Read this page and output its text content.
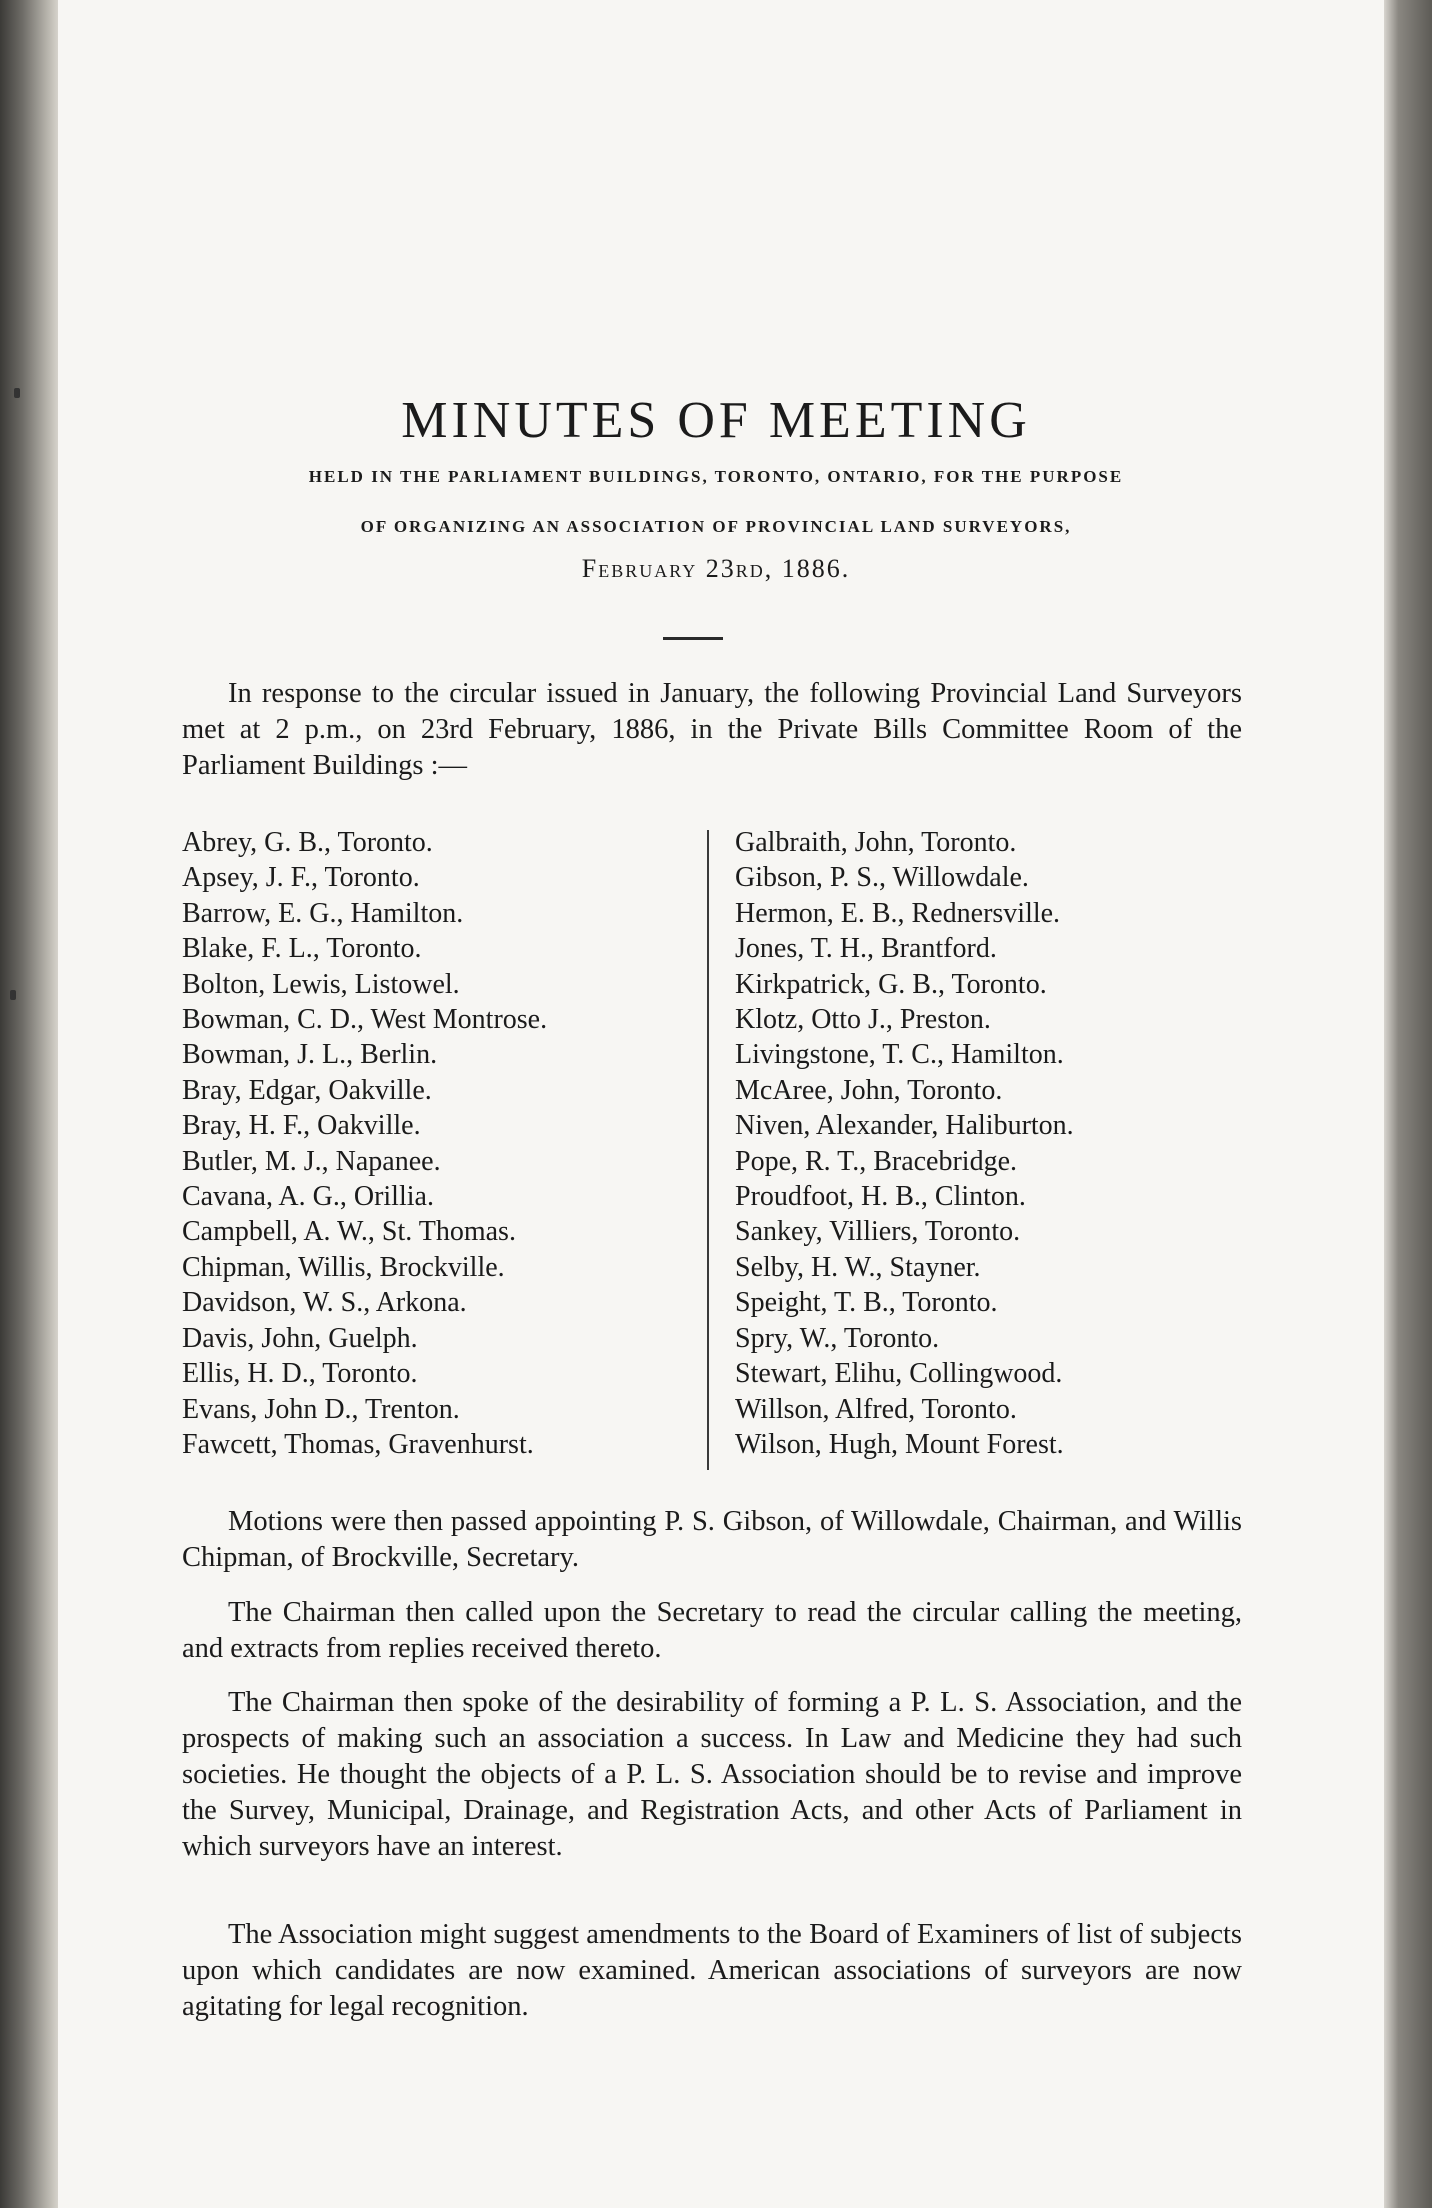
MINUTES OF MEETING
HELD IN THE PARLIAMENT BUILDINGS, TORONTO, ONTARIO, FOR THE PURPOSE
OF ORGANIZING AN ASSOCIATION OF PROVINCIAL LAND SURVEYORS,
February 23rd, 1886.

In response to the circular issued in January, the following Provincial Land Surveyors met at 2 p.m., on 23rd February, 1886, in the Private Bills Committee Room of the Parliament Buildings :—

Abrey, G. B., Toronto.
Apsey, J. F., Toronto.
Barrow, E. G., Hamilton.
Blake, F. L., Toronto.
Bolton, Lewis, Listowel.
Bowman, C. D., West Montrose.
Bowman, J. L., Berlin.
Bray, Edgar, Oakville.
Bray, H. F., Oakville.
Butler, M. J., Napanee.
Cavana, A. G., Orillia.
Campbell, A. W., St. Thomas.
Chipman, Willis, Brockville.
Davidson, W. S., Arkona.
Davis, John, Guelph.
Ellis, H. D., Toronto.
Evans, John D., Trenton.
Fawcett, Thomas, Gravenhurst.
Galbraith, John, Toronto.
Gibson, P. S., Willowdale.
Hermon, E. B., Rednersville.
Jones, T. H., Brantford.
Kirkpatrick, G. B., Toronto.
Klotz, Otto J., Preston.
Livingstone, T. C., Hamilton.
McAree, John, Toronto.
Niven, Alexander, Haliburton.
Pope, R. T., Bracebridge.
Proudfoot, H. B., Clinton.
Sankey, Villiers, Toronto.
Selby, H. W., Stayner.
Speight, T. B., Toronto.
Spry, W., Toronto.
Stewart, Elihu, Collingwood.
Willson, Alfred, Toronto.
Wilson, Hugh, Mount Forest.

Motions were then passed appointing P. S. Gibson, of Willowdale, Chairman, and Willis Chipman, of Brockville, Secretary.

The Chairman then called upon the Secretary to read the circular calling the meeting, and extracts from replies received thereto.

The Chairman then spoke of the desirability of forming a P. L. S. Association, and the prospects of making such an association a success. In Law and Medicine they had such societies. He thought the objects of a P. L. S. Association should be to revise and improve the Survey, Municipal, Drainage, and Registration Acts, and other Acts of Parliament in which surveyors have an interest.

The Association might suggest amendments to the Board of Examiners of list of subjects upon which candidates are now examined. American associations of surveyors are now agitating for legal recognition.
